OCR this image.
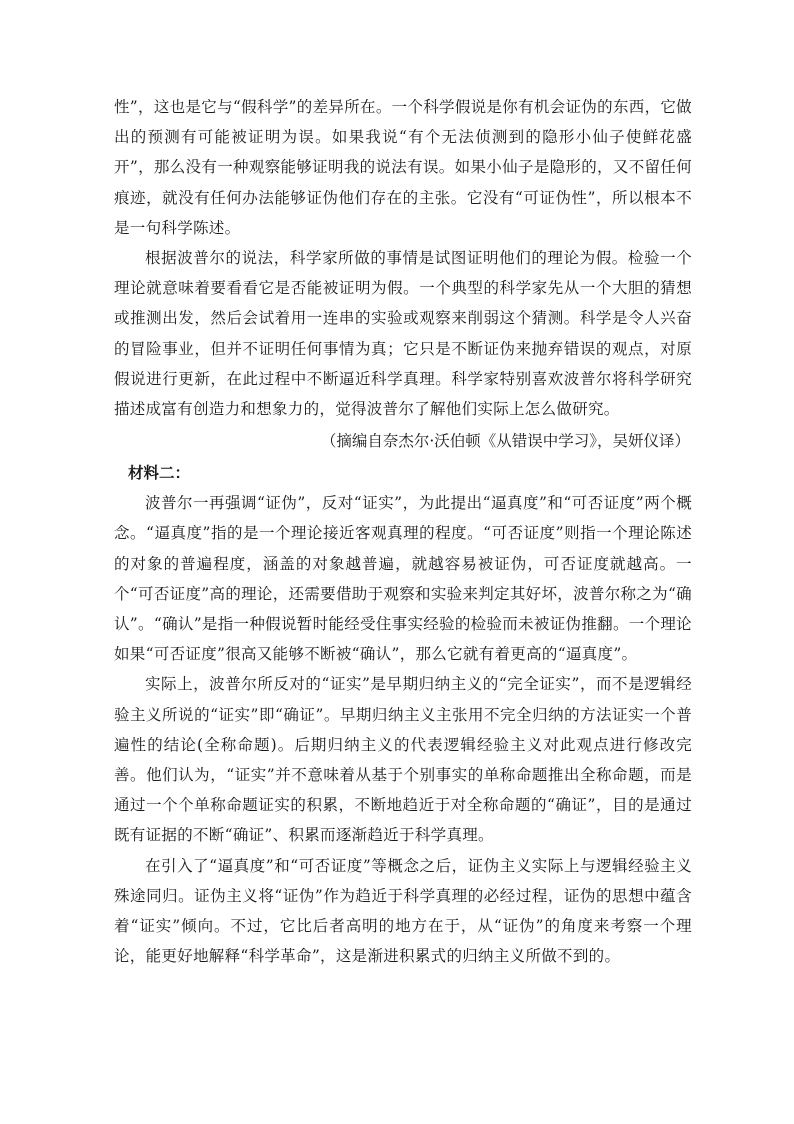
性”，这也是它与“假科学”的差异所在。一个科学假说是你有机会证伪的东西，它做出的预测有可能被证明为误。如果我说“有个无法侦测到的隐形小仙子使鲜花盛开”，那么没有一种观察能够证明我的说法有误。如果小仙子是隐形的，又不留任何痕迹，就没有任何办法能够证伪他们存在的主张。它没有“可证伪性”，所以根本不是一句科学陈述。

根据波普尔的说法，科学家所做的事情是试图证明他们的理论为假。检验一个理论就意味着要看看它是否能被证明为假。一个典型的科学家先从一个大胆的猜想或推测出发，然后会试着用一连串的实验或观察来削弱这个猜测。科学是令人兴奋的冒险事业，但并不证明任何事情为真；它只是不断证伪来抛弃错误的观点，对原假说进行更新，在此过程中不断逼近科学真理。科学家特别喜欢波普尔将科学研究描述成富有创造力和想象力的，觉得波普尔了解他们实际上怎么做研究。

（摘编自奈杰尔·沃伯顿《从错误中学习》，吴妍仪译）

材料二：

波普尔一再强调“证伪”，反对“证实”，为此提出“逼真度”和“可否证度”两个概念。“逼真度”指的是一个理论接近客观真理的程度。“可否证度”则指一个理论陈述的对象的普遍程度，涵盖的对象越普遍，就越容易被证伪，可否证度就越高。一个“可否证度”高的理论，还需要借助于观察和实验来判定其好坏，波普尔称之为“确认”。“确认”是指一种假说暂时能经受住事实经验的检验而未被证伪推翻。一个理论如果“可否证度”很高又能够不断被“确认”，那么它就有着更高的“逼真度”。

实际上，波普尔所反对的“证实”是早期归纳主义的“完全证实”，而不是逻辑经验主义所说的“证实”即“确证”。早期归纳主义主张用不完全归纳的方法证实一个普遍性的结论(全称命题)。后期归纳主义的代表逻辑经验主义对此观点进行修改完善。他们认为，“证实”并不意味着从基于个别事实的单称命题推出全称命题，而是通过一个个单称命题证实的积累，不断地趋近于对全称命题的“确证”，目的是通过既有证据的不断“确证”、积累而逐渐趋近于科学真理。

在引入了“逼真度”和“可否证度”等概念之后，证伪主义实际上与逻辑经验主义殊途同归。证伪主义将“证伪”作为趋近于科学真理的必经过程，证伪的思想中蕴含着“证实”倾向。不过，它比后者高明的地方在于，从“证伪”的角度来考察一个理论，能更好地解释“科学革命”，这是渐进积累式的归纳主义所做不到的。
